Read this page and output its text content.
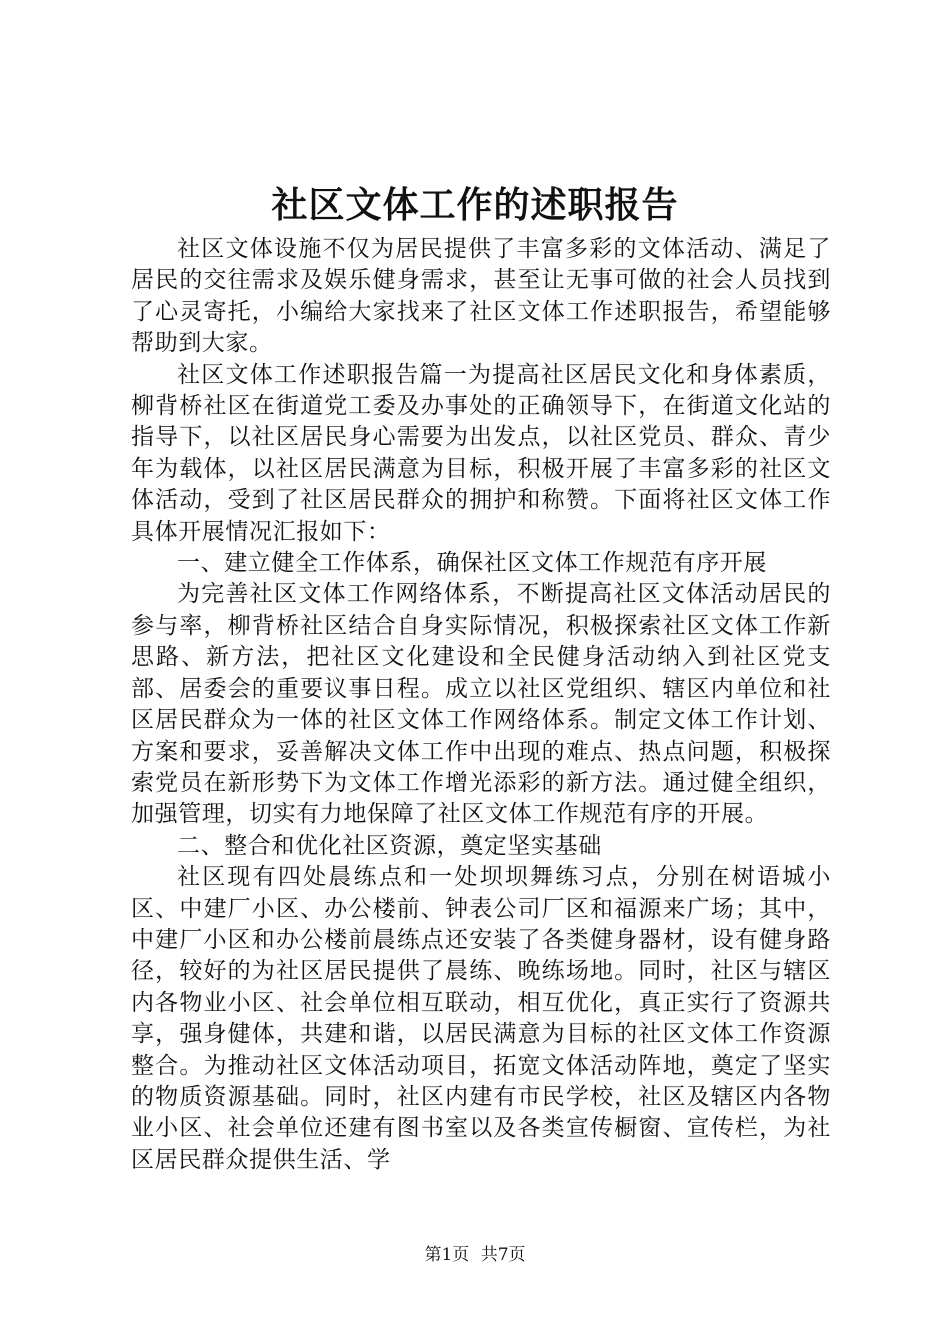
社区文体工作的述职报告

社区文体设施不仅为居民提供了丰富多彩的文体活动、满足了居民的交往需求及娱乐健身需求，甚至让无事可做的社会人员找到了心灵寄托，小编给大家找来了社区文体工作述职报告，希望能够帮助到大家。

社区文体工作述职报告篇一为提高社区居民文化和身体素质，柳背桥社区在街道党工委及办事处的正确领导下，在街道文化站的指导下，以社区居民身心需要为出发点，以社区党员、群众、青少年为载体，以社区居民满意为目标，积极开展了丰富多彩的社区文体活动，受到了社区居民群众的拥护和称赞。下面将社区文体工作具体开展情况汇报如下：

一、建立健全工作体系，确保社区文体工作规范有序开展

为完善社区文体工作网络体系，不断提高社区文体活动居民的参与率，柳背桥社区结合自身实际情况，积极探索社区文体工作新思路、新方法，把社区文化建设和全民健身活动纳入到社区党支部、居委会的重要议事日程。成立以社区党组织、辖区内单位和社区居民群众为一体的社区文体工作网络体系。制定文体工作计划、方案和要求，妥善解决文体工作中出现的难点、热点问题，积极探索党员在新形势下为文体工作增光添彩的新方法。通过健全组织，加强管理，切实有力地保障了社区文体工作规范有序的开展。

二、整合和优化社区资源，奠定坚实基础

社区现有四处晨练点和一处坝坝舞练习点，分别在树语城小区、中建厂小区、办公楼前、钟表公司厂区和福源来广场；其中，中建厂小区和办公楼前晨练点还安装了各类健身器材，设有健身路径，较好的为社区居民提供了晨练、晚练场地。同时，社区与辖区内各物业小区、社会单位相互联动，相互优化，真正实行了资源共享，强身健体，共建和谐，以居民满意为目标的社区文体工作资源整合。为推动社区文体活动项目，拓宽文体活动阵地，奠定了坚实的物质资源基础。同时，社区内建有市民学校，社区及辖区内各物业小区、社会单位还建有图书室以及各类宣传橱窗、宣传栏，为社区居民群众提供生活、学

第1页 共7页
